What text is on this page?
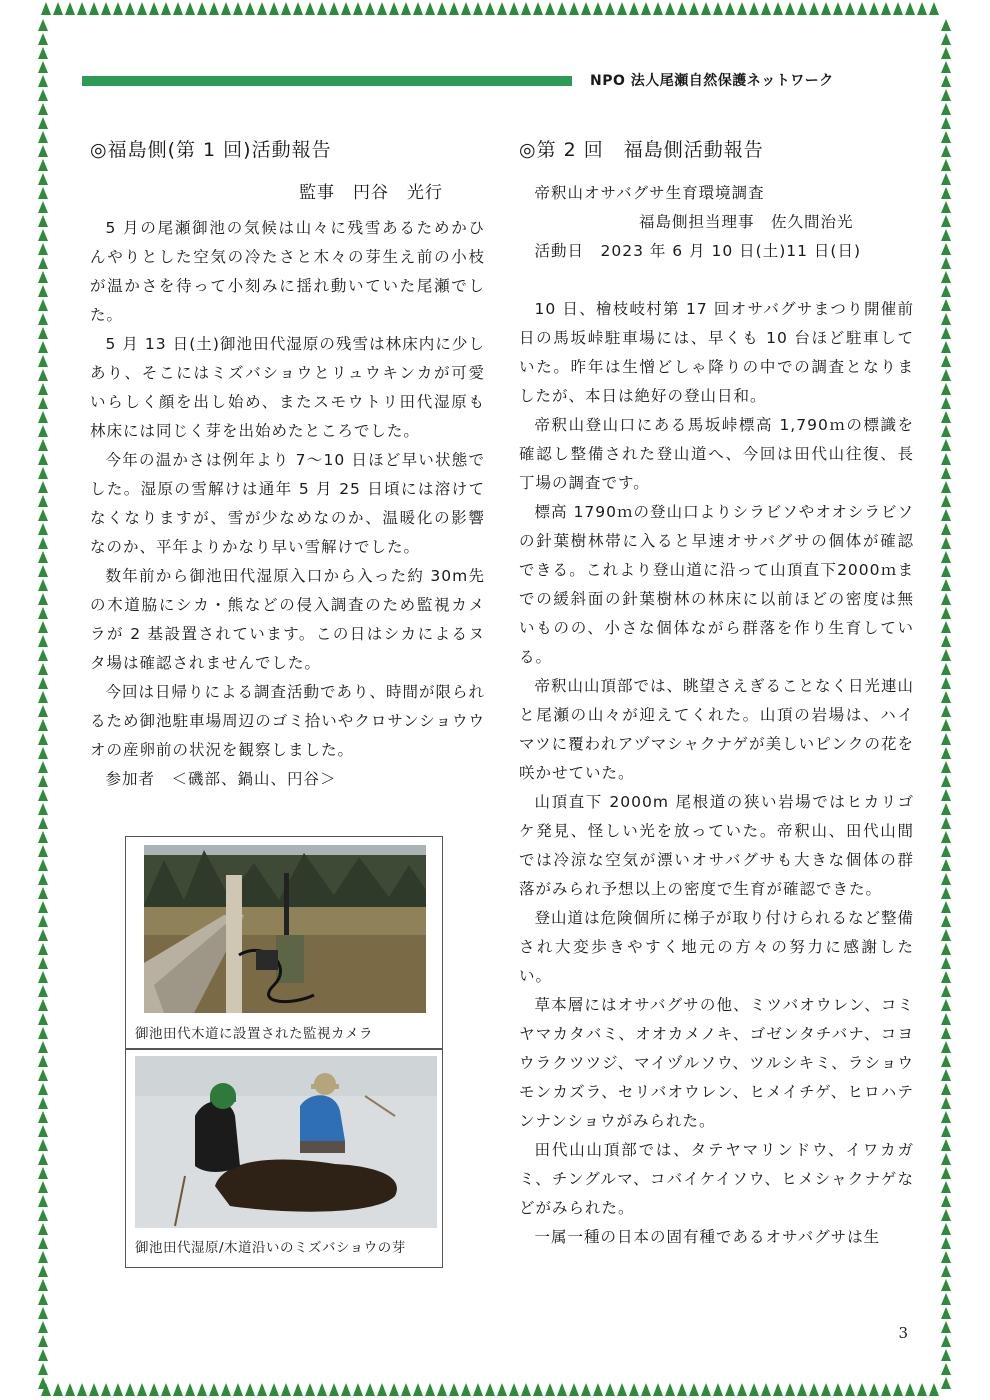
NPO 法人尾瀬自然保護ネットワーク
◎福島側(第 1 回)活動報告
監事　円谷　光行

5 月の尾瀬御池の気候は山々に残雪あるためかひんやりとした空気の冷たさと木々の芽生え前の小枝が温かさを待って小刻みに揺れ動いていた尾瀬でした。

5 月 13 日(土)御池田代湿原の残雪は林床内に少しあり、そこにはミズバショウとリュウキンカが可愛いらしく顔を出し始め、またスモウトリ田代湿原も林床には同じく芽を出始めたところでした。

今年の温かさは例年より 7〜10 日ほど早い状態でした。湿原の雪解けは通年 5 月 25 日頃には溶けてなくなりますが、雪が少なめなのか、温暖化の影響なのか、平年よりかなり早い雪解けでした。

数年前から御池田代湿原入口から入った約 30m先の木道脇にシカ・熊などの侵入調査のため監視カメラが 2 基設置されています。この日はシカによるヌタ場は確認されませんでした。

今回は日帰りによる調査活動であり、時間が限られるため御池駐車場周辺のゴミ拾いやクロサンショウウオの産卵前の状況を観察しました。

参加者　＜磯部、鍋山、円谷＞

御池田代木道に設置された監視カメラ
御池田代湿原/木道沿いのミズバショウの芽
◎第 2 回　福島側活動報告

帝釈山オサバグサ生育環境調査

福島側担当理事　佐久間治光

活動日　2023 年 6 月 10 日(土)11 日(日)

10 日、檜枝岐村第 17 回オサバグサまつり開催前日の馬坂峠駐車場には、早くも 10 台ほど駐車していた。昨年は生憎どしゃ降りの中での調査となりましたが、本日は絶好の登山日和。

帝釈山登山口にある馬坂峠標高 1,790ｍの標識を確認し整備された登山道へ、今回は田代山往復、長丁場の調査です。

標高 1790ｍの登山口よりシラビソやオオシラビソの針葉樹林帯に入ると早速オサバグサの個体が確認できる。これより登山道に沿って山頂直下2000ｍまでの緩斜面の針葉樹林の林床に以前ほどの密度は無いものの、小さな個体ながら群落を作り生育している。

帝釈山山頂部では、眺望さえぎることなく日光連山と尾瀬の山々が迎えてくれた。山頂の岩場は、ハイマツに覆われアヅマシャクナゲが美しいピンクの花を咲かせていた。

山頂直下 2000m 尾根道の狭い岩場ではヒカリゴケ発見、怪しい光を放っていた。帝釈山、田代山間では冷涼な空気が漂いオサバグサも大きな個体の群落がみられ予想以上の密度で生育が確認できた。

登山道は危険個所に梯子が取り付けられるなど整備され大変歩きやすく地元の方々の努力に感謝したい。

草本層にはオサバグサの他、ミツバオウレン、コミヤマカタバミ、オオカメノキ、ゴゼンタチバナ、コヨウラクツツジ、マイヅルソウ、ツルシキミ、ラショウモンカズラ、セリバオウレン、ヒメイチゲ、ヒロハテンナンショウがみられた。

田代山山頂部では、タテヤマリンドウ、イワカガミ、チングルマ、コバイケイソウ、ヒメシャクナゲなどがみられた。

一属一種の日本の固有種であるオサバグサは生

3
